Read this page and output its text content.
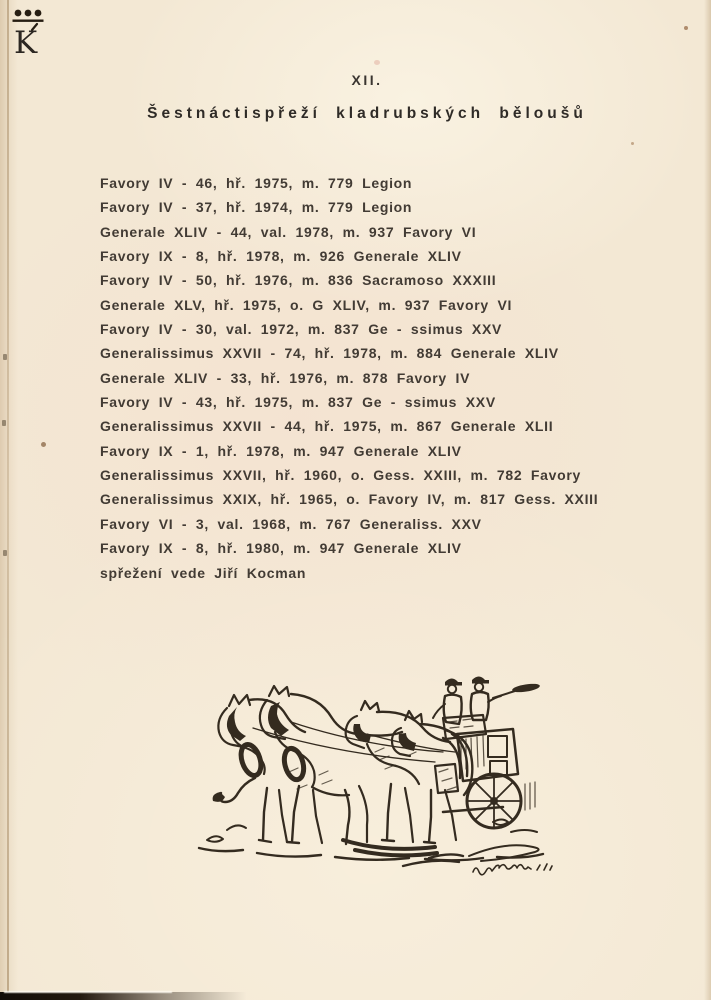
K
XII.
Šestnáctispřeží kladrubských běloušů
Favory IV - 46, hř. 1975, m. 779 Legion
Favory IV - 37, hř. 1974, m. 779 Legion
Generale XLIV - 44, val. 1978, m. 937 Favory VI
Favory IX - 8, hř. 1978, m. 926 Generale XLIV
Favory IV - 50, hř. 1976, m. 836 Sacramoso XXXIII
Generale XLV, hř. 1975, o. G XLIV, m. 937 Favory VI
Favory IV - 30, val. 1972, m. 837 Ge - ssimus XXV
Generalissimus XXVII - 74, hř. 1978, m. 884 Generale XLIV
Generale XLIV - 33, hř. 1976, m. 878 Favory IV
Favory IV - 43, hř. 1975, m. 837 Ge - ssimus XXV
Generalissimus XXVII - 44, hř. 1975, m. 867 Generale XLII
Favory IX - 1, hř. 1978, m. 947 Generale XLIV
Generalissimus XXVII, hř. 1960, o. Gess. XXIII, m. 782 Favory
Generalissimus XXIX, hř. 1965, o. Favory IV, m. 817 Gess. XXIII
Favory VI - 3, val. 1968, m. 767 Generaliss. XXV
Favory IX - 8, hř. 1980, m. 947 Generale XLIV
spřežení vede Jiří Kocman
